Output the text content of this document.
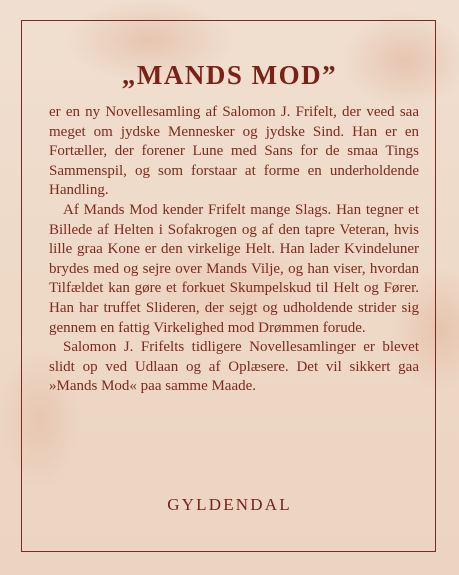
„MANDS MOD”

er en ny Novellesamling af Salomon J. Frifelt, der veed saa meget om jydske Mennesker og jydske Sind. Han er en Fortæller, der forener Lune med Sans for de smaa Tings Sammenspil, og som forstaar at forme en underholdende Handling.

Af Mands Mod kender Frifelt mange Slags. Han tegner et Billede af Helten i Sofakrogen og af den tapre Veteran, hvis lille graa Kone er den virkelige Helt. Han lader Kvindeluner brydes med og sejre over Mands Vilje, og han viser, hvordan Tilfældet kan gøre et forkuet Skumpelskud til Helt og Fører. Han har truffet Slideren, der sejgt og udholdende strider sig gennem en fattig Virkelighed mod Drømmen forude.

Salomon J. Frifelts tidligere Novellesamlinger er blevet slidt op ved Udlaan og af Oplæsere. Det vil sikkert gaa »Mands Mod« paa samme Maade.

GYLDENDAL
